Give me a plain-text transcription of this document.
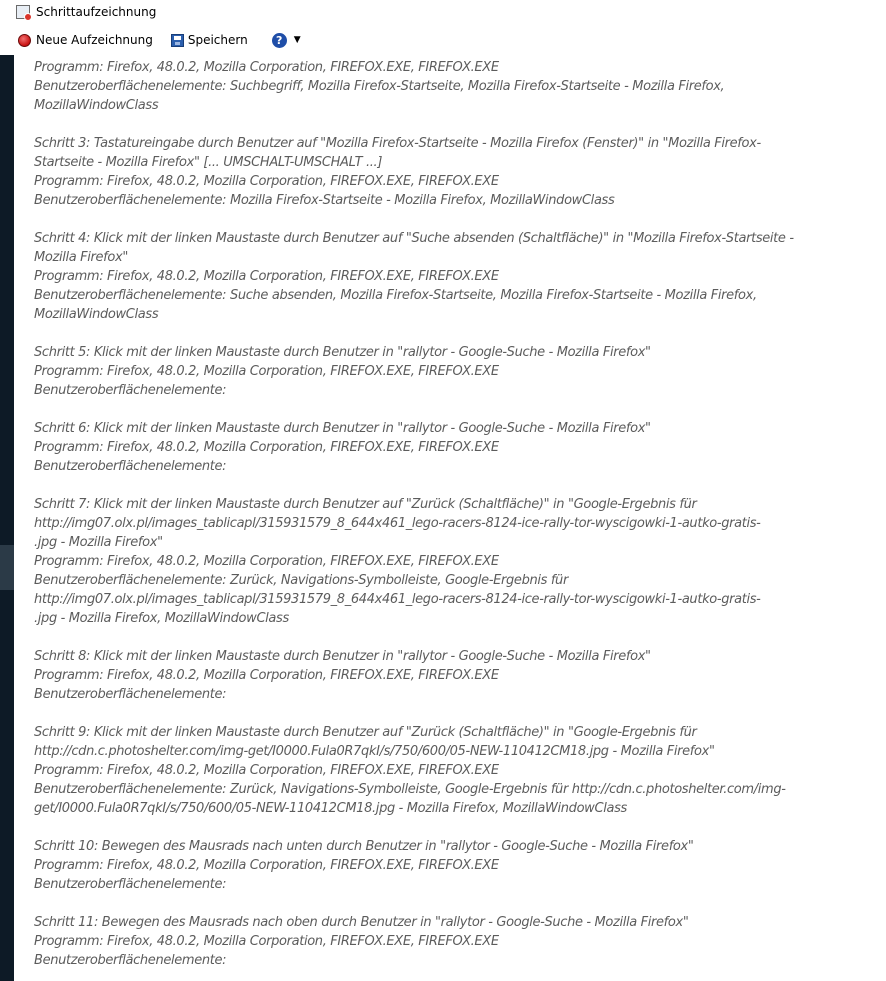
Schrittaufzeichnung
Neue Aufzeichnung	Speichern	?	▼

Programm: Firefox, 48.0.2, Mozilla Corporation, FIREFOX.EXE, FIREFOX.EXE

Benutzeroberflächenelemente: Suchbegriff, Mozilla Firefox-Startseite, Mozilla Firefox-Startseite - Mozilla Firefox,

MozillaWindowClass

Schritt 3: Tastatureingabe durch Benutzer auf "Mozilla Firefox-Startseite - Mozilla Firefox (Fenster)" in "Mozilla Firefox-

Startseite - Mozilla Firefox" [... UMSCHALT-UMSCHALT ...]

Programm: Firefox, 48.0.2, Mozilla Corporation, FIREFOX.EXE, FIREFOX.EXE

Benutzeroberflächenelemente: Mozilla Firefox-Startseite - Mozilla Firefox, MozillaWindowClass

Schritt 4: Klick mit der linken Maustaste durch Benutzer auf "Suche absenden (Schaltfläche)" in "Mozilla Firefox-Startseite -

Mozilla Firefox"

Programm: Firefox, 48.0.2, Mozilla Corporation, FIREFOX.EXE, FIREFOX.EXE

Benutzeroberflächenelemente: Suche absenden, Mozilla Firefox-Startseite, Mozilla Firefox-Startseite - Mozilla Firefox,

MozillaWindowClass

Schritt 5: Klick mit der linken Maustaste durch Benutzer in "rallytor - Google-Suche - Mozilla Firefox"

Programm: Firefox, 48.0.2, Mozilla Corporation, FIREFOX.EXE, FIREFOX.EXE

Benutzeroberflächenelemente:

Schritt 6: Klick mit der linken Maustaste durch Benutzer in "rallytor - Google-Suche - Mozilla Firefox"

Programm: Firefox, 48.0.2, Mozilla Corporation, FIREFOX.EXE, FIREFOX.EXE

Benutzeroberflächenelemente:

Schritt 7: Klick mit der linken Maustaste durch Benutzer auf "Zurück (Schaltfläche)" in "Google-Ergebnis für

http://img07.olx.pl/images_tablicapl/315931579_8_644x461_lego-racers-8124-ice-rally-tor-wyscigowki-1-autko-gratis-

.jpg - Mozilla Firefox"

Programm: Firefox, 48.0.2, Mozilla Corporation, FIREFOX.EXE, FIREFOX.EXE

Benutzeroberflächenelemente: Zurück, Navigations-Symbolleiste, Google-Ergebnis für

http://img07.olx.pl/images_tablicapl/315931579_8_644x461_lego-racers-8124-ice-rally-tor-wyscigowki-1-autko-gratis-

.jpg - Mozilla Firefox, MozillaWindowClass

Schritt 8: Klick mit der linken Maustaste durch Benutzer in "rallytor - Google-Suche - Mozilla Firefox"

Programm: Firefox, 48.0.2, Mozilla Corporation, FIREFOX.EXE, FIREFOX.EXE

Benutzeroberflächenelemente:

Schritt 9: Klick mit der linken Maustaste durch Benutzer auf "Zurück (Schaltfläche)" in "Google-Ergebnis für

http://cdn.c.photoshelter.com/img-get/I0000.Fula0R7qkI/s/750/600/05-NEW-110412CM18.jpg - Mozilla Firefox"

Programm: Firefox, 48.0.2, Mozilla Corporation, FIREFOX.EXE, FIREFOX.EXE

Benutzeroberflächenelemente: Zurück, Navigations-Symbolleiste, Google-Ergebnis für http://cdn.c.photoshelter.com/img-

get/I0000.Fula0R7qkI/s/750/600/05-NEW-110412CM18.jpg - Mozilla Firefox, MozillaWindowClass

Schritt 10: Bewegen des Mausrads nach unten durch Benutzer in "rallytor - Google-Suche - Mozilla Firefox"

Programm: Firefox, 48.0.2, Mozilla Corporation, FIREFOX.EXE, FIREFOX.EXE

Benutzeroberflächenelemente:

Schritt 11: Bewegen des Mausrads nach oben durch Benutzer in "rallytor - Google-Suche - Mozilla Firefox"

Programm: Firefox, 48.0.2, Mozilla Corporation, FIREFOX.EXE, FIREFOX.EXE

Benutzeroberflächenelemente:
